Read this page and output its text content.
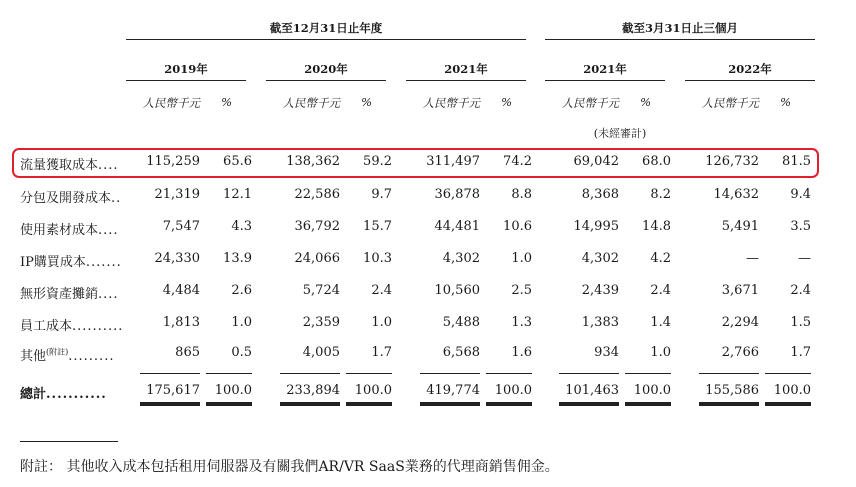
截至12月31日止年度	截至3月31日止三個月
2019年	2020年	2021年	2021年	2022年
人民幣千元	%	人民幣千元	%	人民幣千元	%	人民幣千元	%	人民幣千元	%
(未經審計)
流量獲取成本....	115,259	65.6	138,362	59.2	311,497	74.2	69,042	68.0	126,732	81.5
分包及開發成本..	21,319	12.1	22,586	9.7	36,878	8.8	8,368	8.2	14,632	9.4
使用素材成本....	7,547	4.3	36,792	15.7	44,481	10.6	14,995	14.8	5,491	3.5
IP購買成本.......	24,330	13.9	24,066	10.3	4,302	1.0	4,302	4.2	—	—
無形資產攤銷....	4,484	2.6	5,724	2.4	10,560	2.5	2,439	2.4	3,671	2.4
員工成本..........	1,813	1.0	2,359	1.0	5,488	1.3	1,383	1.4	2,294	1.5
其他$^{(附註)}$.........	865	0.5	4,005	1.7	6,568	1.6	934	1.0	2,766	1.7
總計...........	175,617	100.0	233,894	100.0	419,774	100.0	101,463	100.0	155,586	100.0
附註： 其他收入成本包括租用伺服器及有關我們AR/VR SaaS業務的代理商銷售佣金。
